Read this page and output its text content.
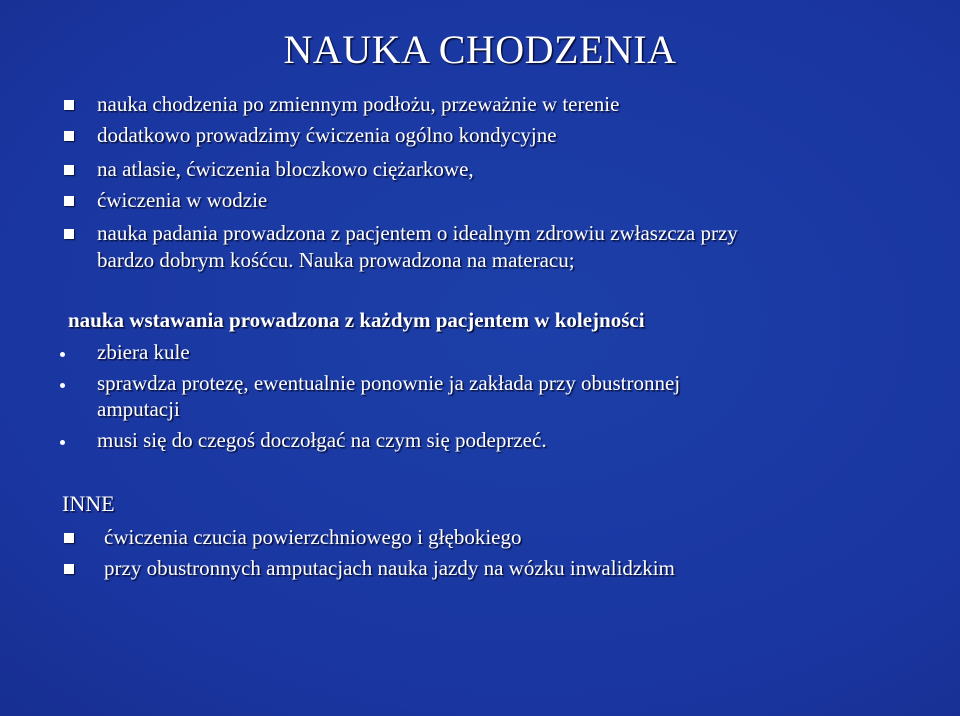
NAUKA CHODZENIA
nauka chodzenia po zmiennym podłożu, przeważnie w terenie
dodatkowo prowadzimy ćwiczenia ogólno kondycyjne
na atlasie, ćwiczenia bloczkowo ciężarkowe,
ćwiczenia w wodzie
nauka padania prowadzona z pacjentem o idealnym zdrowiu zwłaszcza przy
bardzo dobrym kośćcu. Nauka prowadzona na materacu;
nauka wstawania prowadzona z każdym pacjentem w kolejności
zbiera kule
sprawdza protezę, ewentualnie ponownie ja zakłada przy obustronnej
amputacji
musi się do czegoś doczołgać na czym się podeprzeć.
INNE
ćwiczenia czucia powierzchniowego i głębokiego
przy obustronnych amputacjach nauka jazdy na wózku inwalidzkim
